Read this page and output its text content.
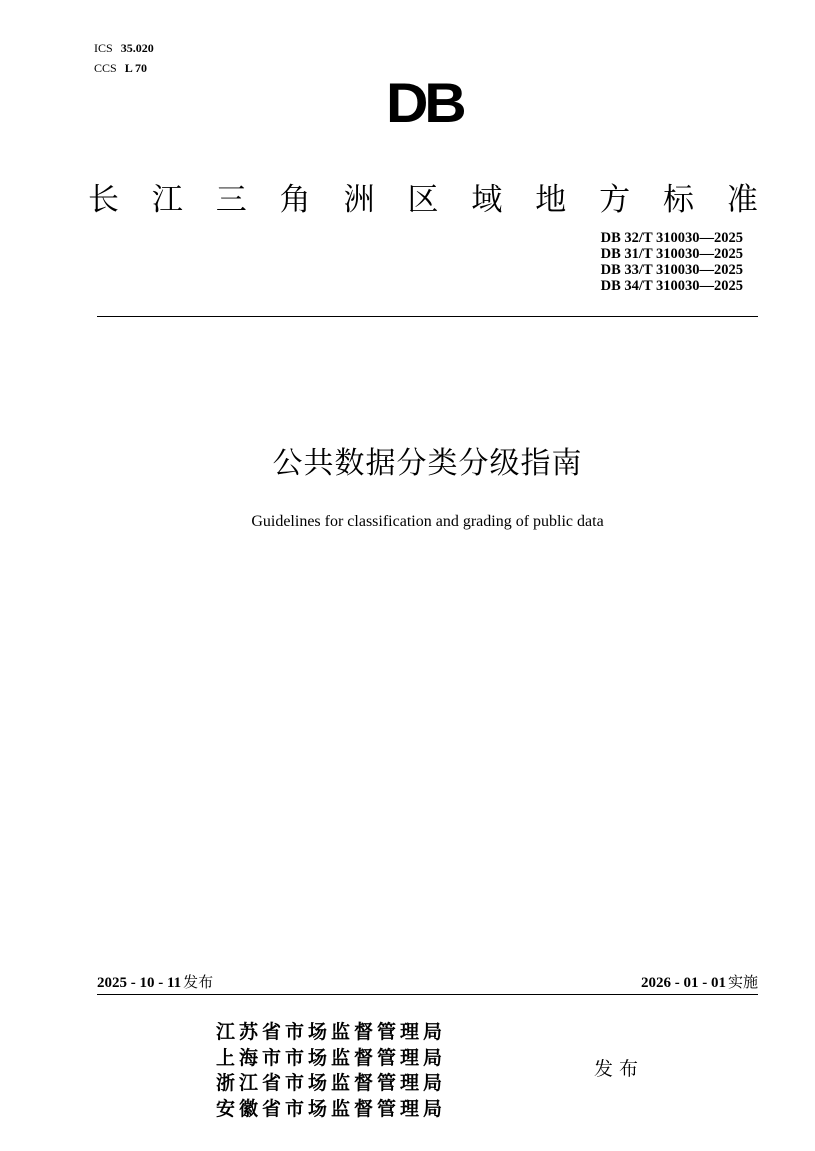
ICS 35.020
CCS L 70
DB
长 江 三 角 洲 区 域 地 方 标 准
DB 32/T 310030—2025
DB 31/T 310030—2025
DB 33/T 310030—2025
DB 34/T 310030—2025
公共数据分类分级指南
Guidelines for classification and grading of public data
2025 - 10 - 11 发布	2026 - 01 - 01 实施
江苏省市场监督管理局
上海市市场监督管理局
浙江省市场监督管理局
安徽省市场监督管理局
发布
